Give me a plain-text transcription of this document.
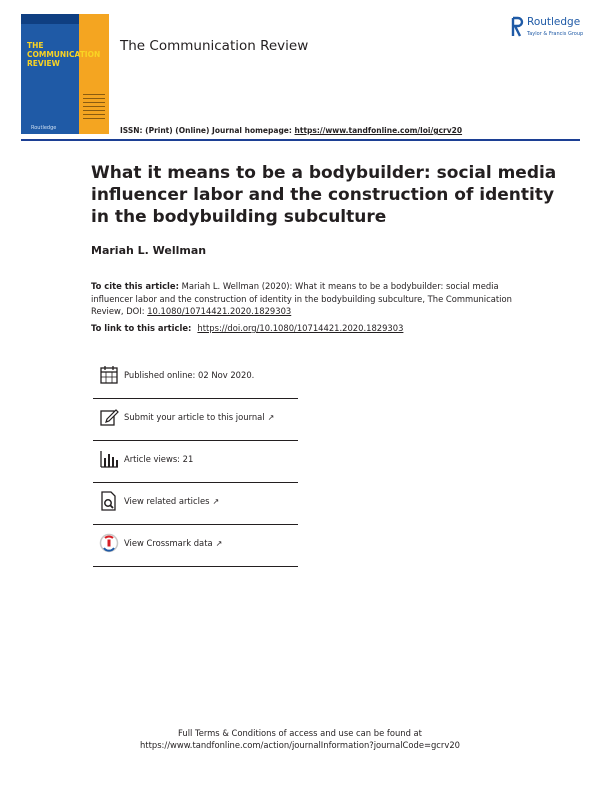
THE
COMMUNICATION
REVIEW
Routledge
The Communication Review
Routledge
Taylor & Francis Group
ISSN: (Print) (Online) Journal homepage: https://www.tandfonline.com/loi/gcrv20
What it means to be a bodybuilder: social media influencer labor and the construction of identity in the bodybuilding subculture
Mariah L. Wellman
To cite this article: Mariah L. Wellman (2020): What it means to be a bodybuilder: social media influencer labor and the construction of identity in the bodybuilding subculture, The Communication Review, DOI: 10.1080/10714421.2020.1829303
To link to this article: https://doi.org/10.1080/10714421.2020.1829303
Published online: 02 Nov 2020.
Submit your article to this journal ↗
Article views: 21
View related articles ↗
View Crossmark data ↗
Full Terms & Conditions of access and use can be found at
https://www.tandfonline.com/action/journalInformation?journalCode=gcrv20
